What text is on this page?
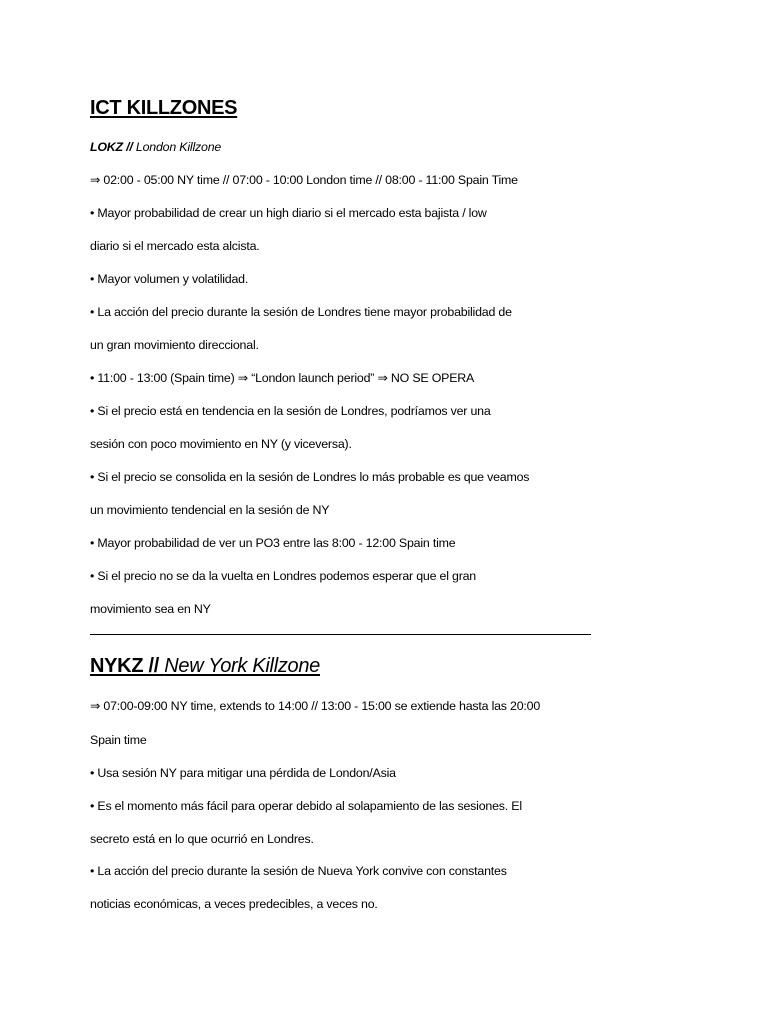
ICT KILLZONES

LOKZ // London Killzone

⇒ 02:00 - 05:00 NY time // 07:00 - 10:00 London time // 08:00 - 11:00 Spain Time

• Mayor probabilidad de crear un high diario si el mercado esta bajista / low

diario si el mercado esta alcista.

• Mayor volumen y volatilidad.

• La acción del precio durante la sesión de Londres tiene mayor probabilidad de

un gran movimiento direccional.

• 11:00 - 13:00 (Spain time) ⇒ “London launch period” ⇒ NO SE OPERA

• Si el precio está en tendencia en la sesión de Londres, podríamos ver una

sesión con poco movimiento en NY (y viceversa).

• Si el precio se consolida en la sesión de Londres lo más probable es que veamos

un movimiento tendencial en la sesión de NY

• Mayor probabilidad de ver un PO3 entre las 8:00 - 12:00 Spain time

• Si el precio no se da la vuelta en Londres podemos esperar que el gran

movimiento sea en NY

NYKZ // New York Killzone

⇒ 07:00-09:00 NY time, extends to 14:00 // 13:00 - 15:00 se extiende hasta las 20:00

Spain time

• Usa sesión NY para mitigar una pérdida de London/Asia

• Es el momento más fácil para operar debido al solapamiento de las sesiones. El

secreto está en lo que ocurrió en Londres.

• La acción del precio durante la sesión de Nueva York convive con constantes

noticias económicas, a veces predecibles, a veces no.
